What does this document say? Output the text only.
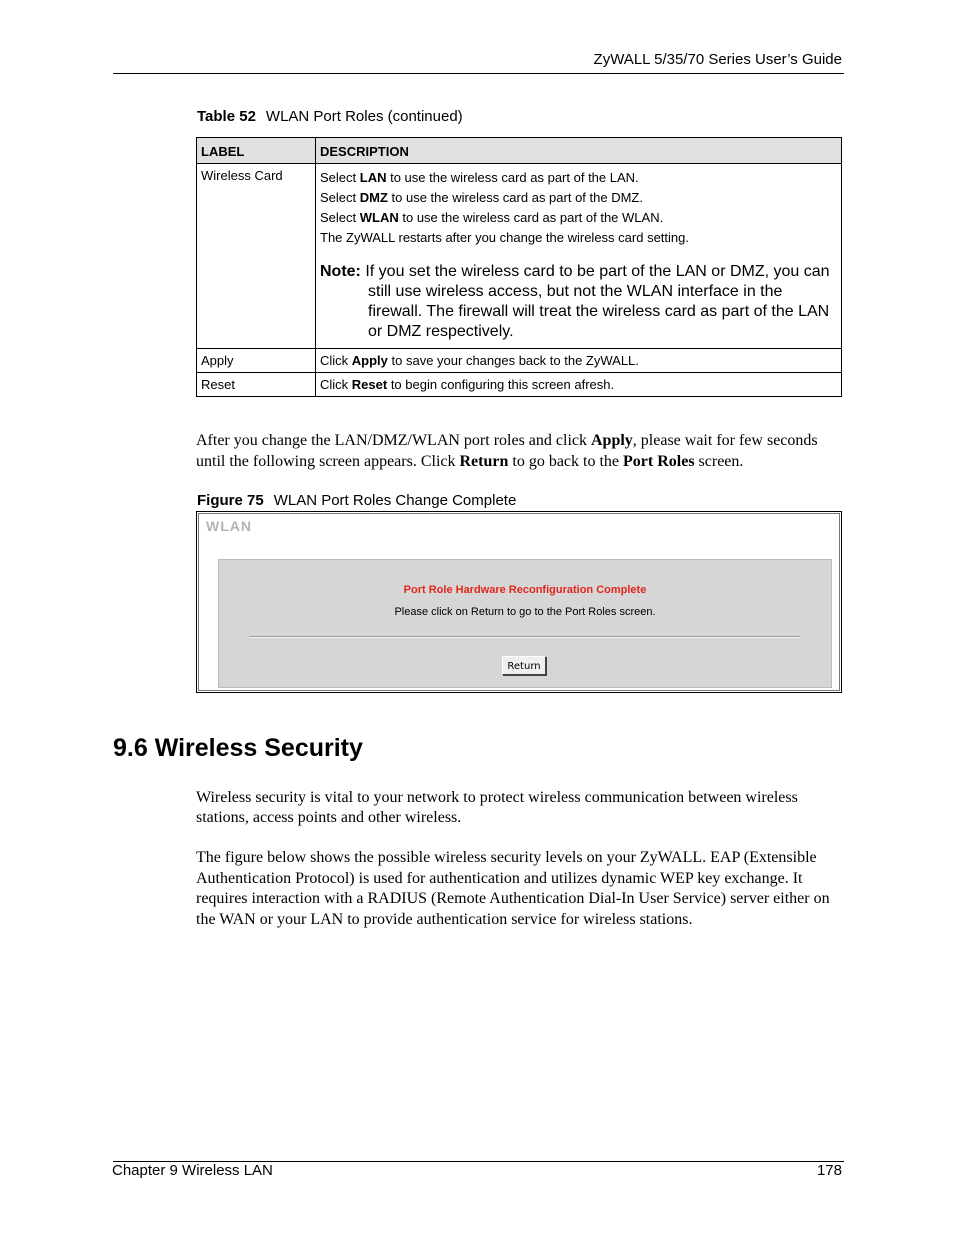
ZyWALL 5/35/70 Series User’s Guide
Table 52 WLAN Port Roles (continued)
LABEL	DESCRIPTION
Wireless Card	Select LAN to use the wireless card as part of the LAN.
Select DMZ to use the wireless card as part of the DMZ.
Select WLAN to use the wireless card as part of the WLAN.
The ZyWALL restarts after you change the wireless card setting.
Note: If you set the wireless card to be part of the LAN or DMZ, you can still use wireless access, but not the WLAN interface in the firewall. The firewall will treat the wireless card as part of the LAN or DMZ respectively.

Apply	Click Apply to save your changes back to the ZyWALL.
Reset	Click Reset to begin configuring this screen afresh.
After you change the LAN/DMZ/WLAN port roles and click Apply, please wait for few seconds until the following screen appears. Click Return to go back to the Port Roles screen.
Figure 75 WLAN Port Roles Change Complete
WLAN
Port Role Hardware Reconfiguration Complete
Please click on Return to go to the Port Roles screen.
Return
9.6 Wireless Security
Wireless security is vital to your network to protect wireless communication between wireless stations, access points and other wireless.
The figure below shows the possible wireless security levels on your ZyWALL. EAP (Extensible Authentication Protocol) is used for authentication and utilizes dynamic WEP key exchange. It requires interaction with a RADIUS (Remote Authentication Dial-In User Service) server either on the WAN or your LAN to provide authentication service for wireless stations.
Chapter 9 Wireless LAN	178
